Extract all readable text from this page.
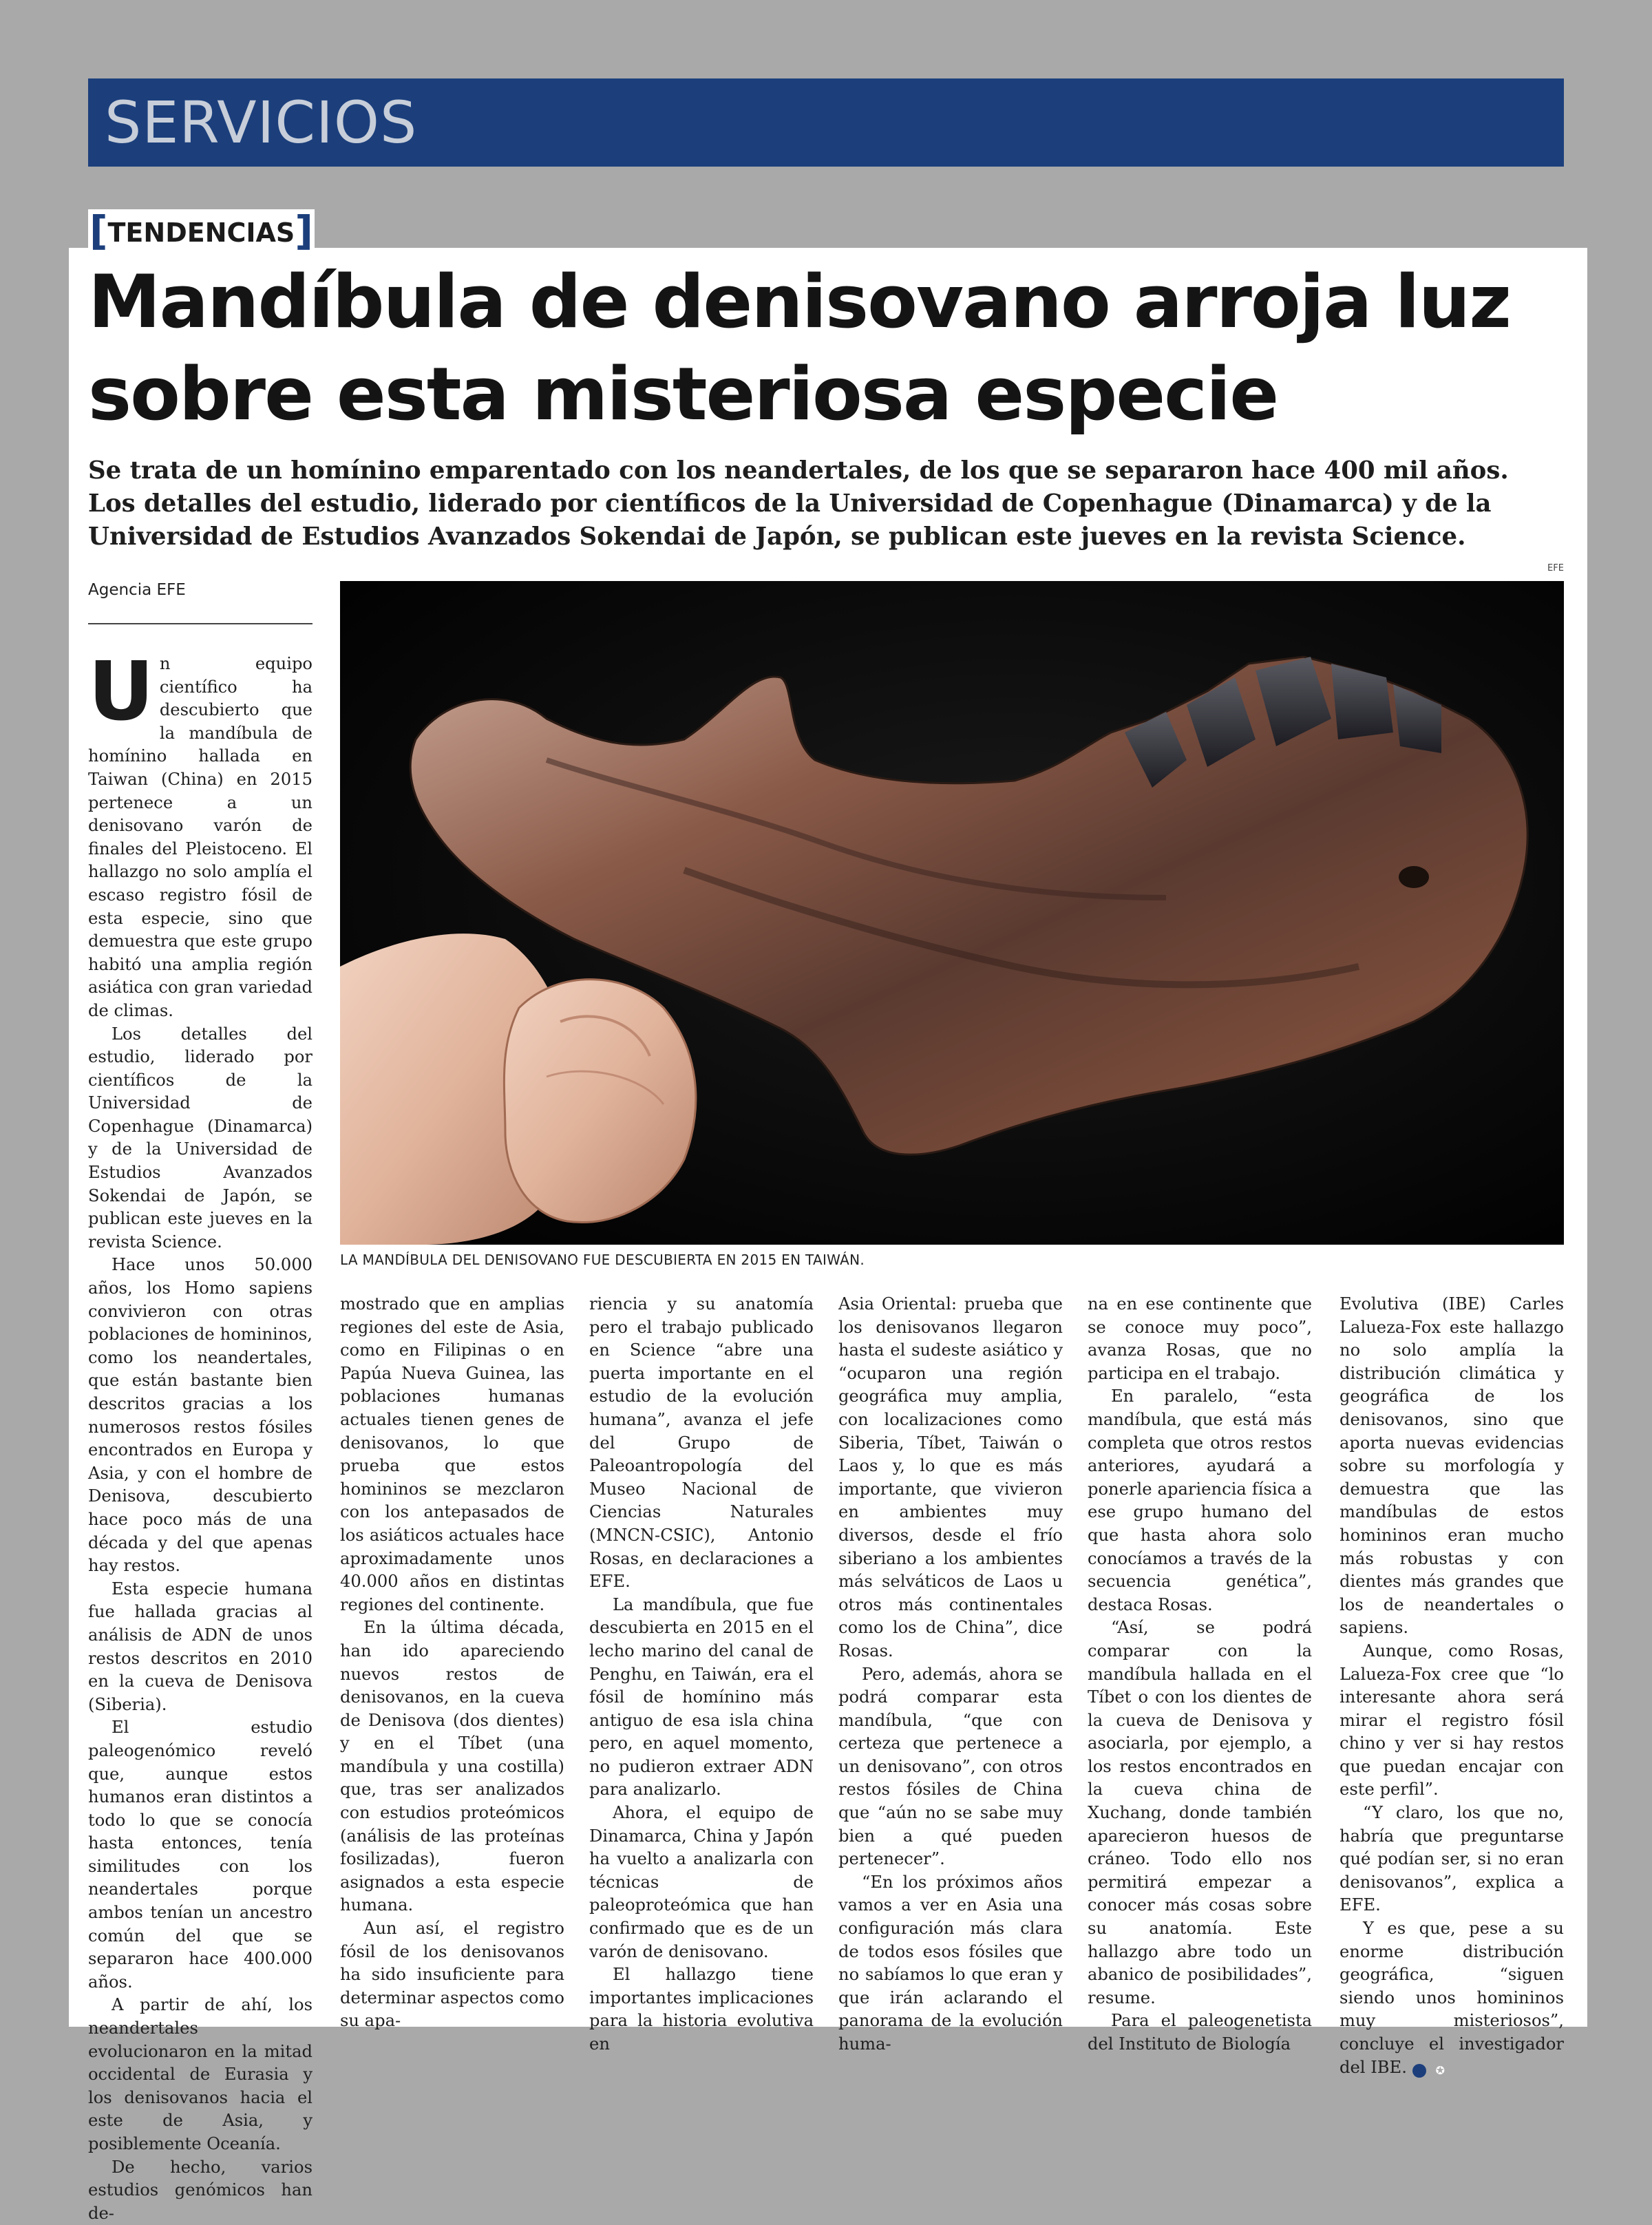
SERVICIOS
[TENDENCIAS]
Mandíbula de denisovano arroja luz sobre esta misteriosa especie
Se trata de un homínino emparentado con los neandertales, de los que se separaron hace 400 mil años. Los detalles del estudio, liderado por científicos de la Universidad de Copenhague (Dinamarca) y de la Universidad de Estudios Avanzados Sokendai de Japón, se publican este jueves en la revista Science.
Agencia EFE
EFE
LA MANDÍBULA DEL DENISOVANO FUE DESCUBIERTA EN 2015 EN TAIWÁN.

Un equipo científico ha descubierto que la mandíbula de homínino hallada en Taiwan (China) en 2015 pertenece a un denisovano varón de finales del Pleistoceno. El hallazgo no solo amplía el escaso registro fósil de esta especie, sino que demuestra que este grupo habitó una amplia región asiática con gran variedad de climas.

Los detalles del estudio, liderado por científicos de la Universidad de Copenhague (Dinamarca) y de la Universidad de Estudios Avanzados Sokendai de Japón, se publican este jueves en la revista Science.

Hace unos 50.000 años, los Homo sapiens convivieron con otras poblaciones de homininos, como los neandertales, que están bastante bien descritos gracias a los numerosos restos fósiles encontrados en Europa y Asia, y con el hombre de Denisova, descubierto hace poco más de una década y del que apenas hay restos.

Esta especie humana fue hallada gracias al análisis de ADN de unos restos descritos en 2010 en la cueva de Denisova (Siberia).

El estudio paleogenómico reveló que, aunque estos humanos eran distintos a todo lo que se conocía hasta entonces, tenía similitudes con los neandertales porque ambos tenían un ancestro común del que se separaron hace 400.000 años.

A partir de ahí, los neandertales evolucionaron en la mitad occidental de Eurasia y los denisovanos hacia el este de Asia, y posiblemente Oceanía.

De hecho, varios estudios genómicos han de-

mostrado que en amplias regiones del este de Asia, como en Filipinas o en Papúa Nueva Guinea, las poblaciones humanas actuales tienen genes de denisovanos, lo que prueba que estos homininos se mezclaron con los antepasados de los asiáticos actuales hace aproximadamente unos 40.000 años en distintas regiones del continente.

En la última década, han ido apareciendo nuevos restos de denisovanos, en la cueva de Denisova (dos dientes) y en el Tíbet (una mandíbula y una costilla) que, tras ser analizados con estudios proteómicos (análisis de las proteínas fosilizadas), fueron asignados a esta especie humana.

Aun así, el registro fósil de los denisovanos ha sido insuficiente para determinar aspectos como su apa-

riencia y su anatomía pero el trabajo publicado en Science “abre una puerta importante en el estudio de la evolución humana”, avanza el jefe del Grupo de Paleoantropología del Museo Nacional de Ciencias Naturales (MNCN-CSIC), Antonio Rosas, en declaraciones a EFE.

La mandíbula, que fue descubierta en 2015 en el lecho marino del canal de Penghu, en Taiwán, era el fósil de homínino más antiguo de esa isla china pero, en aquel momento, no pudieron extraer ADN para analizarlo.

Ahora, el equipo de Dinamarca, China y Japón ha vuelto a analizarla con técnicas de paleoproteómica que han confirmado que es de un varón de denisovano.

El hallazgo tiene importantes implicaciones para la historia evolutiva en

Asia Oriental: prueba que los denisovanos llegaron hasta el sudeste asiático y “ocuparon una región geográfica muy amplia, con localizaciones como Siberia, Tíbet, Taiwán o Laos y, lo que es más importante, que vivieron en ambientes muy diversos, desde el frío siberiano a los ambientes más selváticos de Laos u otros más continentales como los de China”, dice Rosas.

Pero, además, ahora se podrá comparar esta mandíbula, “que con certeza que pertenece a un denisovano”, con otros restos fósiles de China que “aún no se sabe muy bien a qué pueden pertenecer”.

“En los próximos años vamos a ver en Asia una configuración más clara de todos esos fósiles que no sabíamos lo que eran y que irán aclarando el panorama de la evolución huma-

na en ese continente que se conoce muy poco”, avanza Rosas, que no participa en el trabajo.

En paralelo, “esta mandíbula, que está más completa que otros restos anteriores, ayudará a ponerle apariencia física a ese grupo humano del que hasta ahora solo conocíamos a través de la secuencia genética”, destaca Rosas.

“Así, se podrá comparar con la mandíbula hallada en el Tíbet o con los dientes de la cueva de Denisova y asociarla, por ejemplo, a los restos encontrados en la cueva china de Xuchang, donde también aparecieron huesos de cráneo. Todo ello nos permitirá empezar a conocer más cosas sobre su anatomía. Este hallazgo abre todo un abanico de posibilidades”, resume.

Para el paleogenetista del Instituto de Biología

Evolutiva (IBE) Carles Lalueza-Fox este hallazgo no solo amplía la distribución climática y geográfica de los denisovanos, sino que aporta nuevas evidencias sobre su morfología y demuestra que las mandíbulas de estos homininos eran mucho más robustas y con dientes más grandes que los de neandertales o sapiens.

Aunque, como Rosas, Lalueza-Fox cree que “lo interesante ahora será mirar el registro fósil chino y ver si hay restos que puedan encajar con este perfil”.

“Y claro, los que no, habría que preguntarse qué podían ser, si no eran denisovanos”, explica a EFE.

Y es que, pese a su enorme distribución geográfica, “siguen siendo unos homininos muy misteriosos”, concluye el investigador del IBE.	✪
